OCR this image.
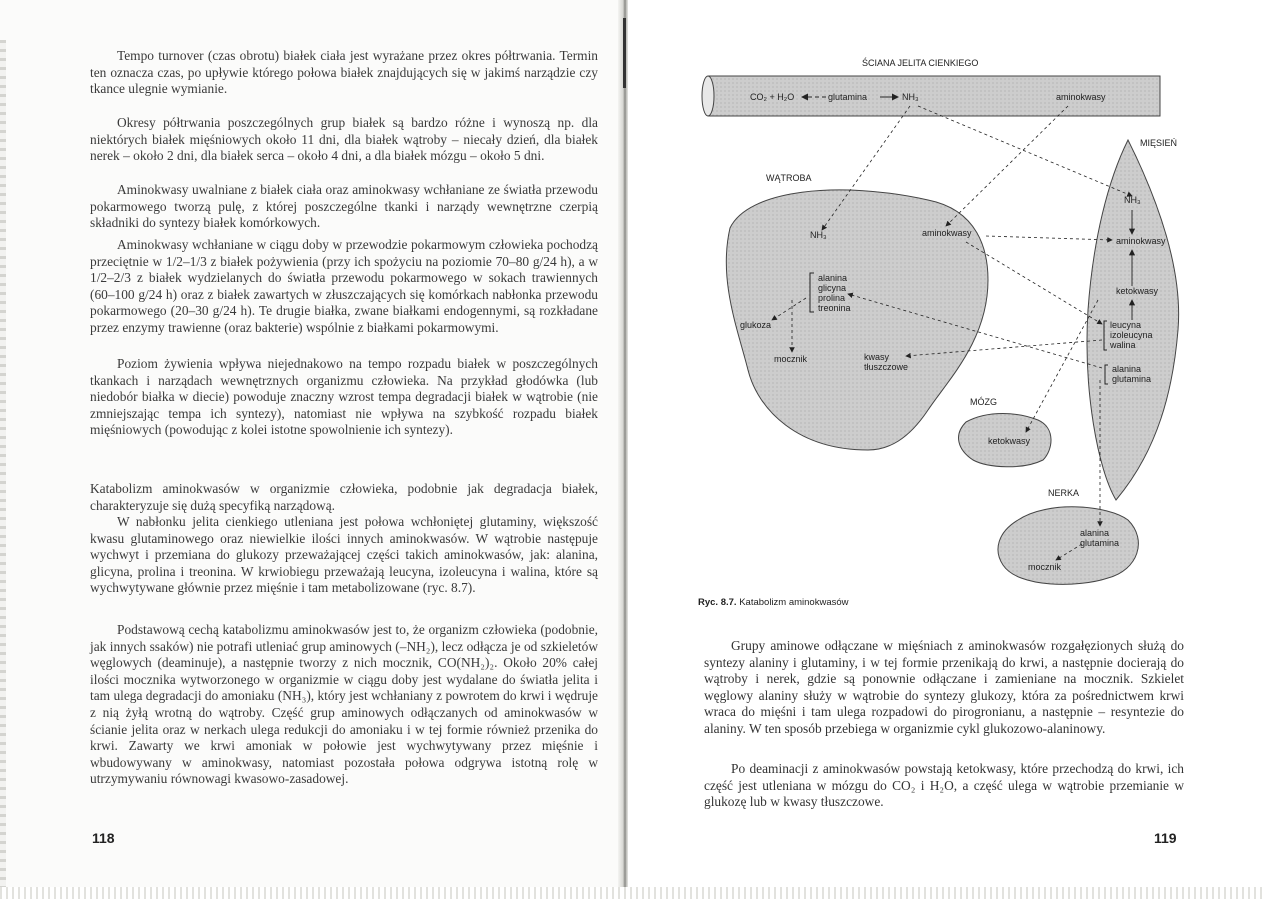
Tempo turnover (czas obrotu) białek ciała jest wyrażane przez okres półtrwania. Termin ten oznacza czas, po upływie którego połowa białek znajdujących się w jakimś narządzie czy tkance ulegnie wymianie.

Okresy półtrwania poszczególnych grup białek są bardzo różne i wynoszą np. dla niektórych białek mięśniowych około 11 dni, dla białek wątroby – niecały dzień, dla białek nerek – około 2 dni, dla białek serca – około 4 dni, a dla białek mózgu – około 5 dni.

Aminokwasy uwalniane z białek ciała oraz aminokwasy wchłaniane ze światła przewodu pokarmowego tworzą pulę, z której poszczególne tkanki i narządy wewnętrzne czerpią składniki do syntezy białek komórkowych.

Aminokwasy wchłaniane w ciągu doby w przewodzie pokarmowym człowieka pochodzą przeciętnie w 1/2–1/3 z białek pożywienia (przy ich spożyciu na poziomie 70–80 g/24 h), a w 1/2–2/3 z białek wydzielanych do światła przewodu pokarmowego w sokach trawiennych (60–100 g/24 h) oraz z białek zawartych w złuszczających się komórkach nabłonka przewodu pokarmowego (20–30 g/24 h). Te drugie białka, zwane białkami endogennymi, są rozkładane przez enzymy trawienne (oraz bakterie) wspólnie z białkami pokarmowymi.

Poziom żywienia wpływa niejednakowo na tempo rozpadu białek w poszczególnych tkankach i narządach wewnętrznych organizmu człowieka. Na przykład głodówka (lub niedobór białka w diecie) powoduje znaczny wzrost tempa degradacji białek w wątrobie (nie zmniejszając tempa ich syntezy), natomiast nie wpływa na szybkość rozpadu białek mięśniowych (powodując z kolei istotne spowolnienie ich syntezy).

Katabolizm aminokwasów w organizmie człowieka, podobnie jak degradacja białek, charakteryzuje się dużą specyfiką narządową.

W nabłonku jelita cienkiego utleniana jest połowa wchłoniętej glutaminy, większość kwasu glutaminowego oraz niewielkie ilości innych aminokwasów. W wątrobie następuje wychwyt i przemiana do glukozy przeważającej części takich aminokwasów, jak: alanina, glicyna, prolina i treonina. W krwiobiegu przeważają leucyna, izoleucyna i walina, które są wychwytywane głównie przez mięśnie i tam metabolizowane (ryc. 8.7).

Podstawową cechą katabolizmu aminokwasów jest to, że organizm człowieka (podobnie, jak innych ssaków) nie potrafi utleniać grup aminowych (–NH₂), lecz odłącza je od szkieletów węglowych (deaminuje), a następnie tworzy z nich mocznik, CO(NH₂)₂. Około 20% całej ilości mocznika wytworzonego w organizmie w ciągu doby jest wydalane do światła jelita i tam ulega degradacji do amoniaku (NH₃), który jest wchłaniany z powrotem do krwi i wędruje z nią żyłą wrotną do wątroby. Część grup aminowych odłączanych od aminokwasów w ścianie jelita oraz w nerkach ulega redukcji do amoniaku i w tej formie również przenika do krwi. Zawarty we krwi amoniak w połowie jest wychwytywany przez mięśnie i wbudowywany w aminokwasy, natomiast pozostała połowa odgrywa istotną rolę w utrzymywaniu równowagi kwasowo-zasadowej.

118
ŚCIANA JELITA CIENKIEGO
CO₂ + H₂O	glutamina	NH₃	aminokwasy
WĄTROBA
NH₃	aminokwasy
alanina
glicyna
prolina
treonina
glukoza
mocznik	kwasy
tłuszczowe
MIĘSIEŃ
NH₃
aminokwasy
ketokwasy
leucyna
izoleucyna
walina
alanina
glutamina
MÓZG
ketokwasy
NERKA
alanina
glutamina
mocznik
Ryc. 8.7. Katabolizm aminokwasów

Grupy aminowe odłączane w mięśniach z aminokwasów rozgałęzionych służą do syntezy alaniny i glutaminy, i w tej formie przenikają do krwi, a następnie docierają do wątroby i nerek, gdzie są ponownie odłączane i zamieniane na mocznik. Szkielet węglowy alaniny służy w wątrobie do syntezy glukozy, która za pośrednictwem krwi wraca do mięśni i tam ulega rozpadowi do pirogronianu, a następnie – resyntezie do alaniny. W ten sposób przebiega w organizmie cykl glukozowo-alaninowy.

Po deaminacji z aminokwasów powstają ketokwasy, które przechodzą do krwi, ich część jest utleniana w mózgu do CO₂ i H₂O, a część ulega w wątrobie przemianie w glukozę lub w kwasy tłuszczowe.

119
